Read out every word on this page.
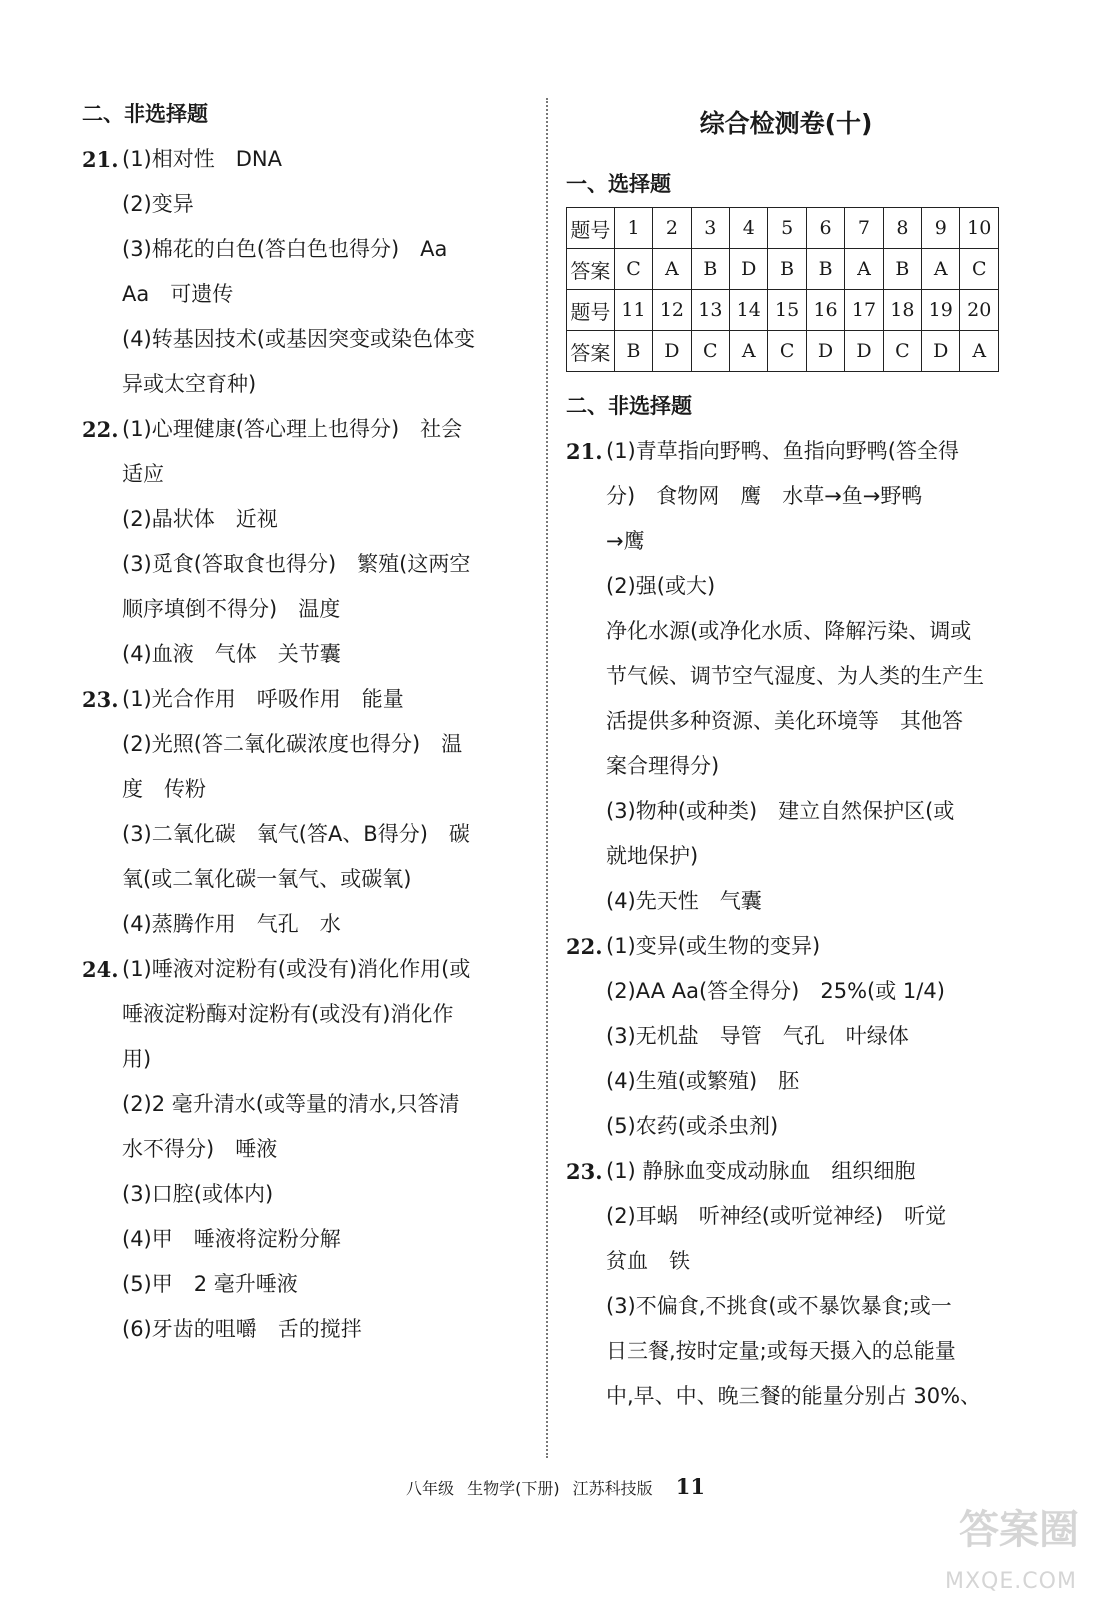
二、非选择题
21. (1)相对性　DNA
(2)变异
(3)棉花的白色(答白色也得分)　Aa
Aa　可遗传
(4)转基因技术(或基因突变或染色体变
异或太空育种)
22. (1)心理健康(答心理上也得分)　社会
适应
(2)晶状体　近视
(3)觅食(答取食也得分)　繁殖(这两空
顺序填倒不得分)　温度
(4)血液　气体　关节囊
23. (1)光合作用　呼吸作用　能量
(2)光照(答二氧化碳浓度也得分)　温
度　传粉
(3)二氧化碳　氧气(答A、B得分)　碳
氧(或二氧化碳一氧气、或碳氧)
(4)蒸腾作用　气孔　水
24. (1)唾液对淀粉有(或没有)消化作用(或
唾液淀粉酶对淀粉有(或没有)消化作
用)
(2)2 毫升清水(或等量的清水,只答清
水不得分)　唾液
(3)口腔(或体内)
(4)甲　唾液将淀粉分解
(5)甲　2 毫升唾液
(6)牙齿的咀嚼　舌的搅拌
综合检测卷(十)
一、选择题
题号	1	2	3	4	5	6	7	8	9	10
答案	C	A	B	D	B	B	A	B	A	C
题号	11	12	13	14	15	16	17	18	19	20
答案	B	D	C	A	C	D	D	C	D	A
二、非选择题
21. (1)青草指向野鸭、鱼指向野鸭(答全得
分)　食物网　鹰　水草→鱼→野鸭
→鹰
(2)强(或大)
净化水源(或净化水质、降解污染、调或
节气候、调节空气湿度、为人类的生产生
活提供多种资源、美化环境等　其他答
案合理得分)
(3)物种(或种类)　建立自然保护区(或
就地保护)
(4)先天性　气囊
22. (1)变异(或生物的变异)
(2)AA Aa(答全得分)　25%(或 1/4)
(3)无机盐　导管　气孔　叶绿体
(4)生殖(或繁殖)　胚
(5)农药(或杀虫剂)
23. (1) 静脉血变成动脉血　组织细胞
(2)耳蜗　听神经(或听觉神经)　听觉
贫血　铁
(3)不偏食,不挑食(或不暴饮暴食;或一
日三餐,按时定量;或每天摄入的总能量
中,早、中、晚三餐的能量分别占 30%、
八年级 生物学(下册) 江苏科技版 11
答案圈
MXQE.COM
